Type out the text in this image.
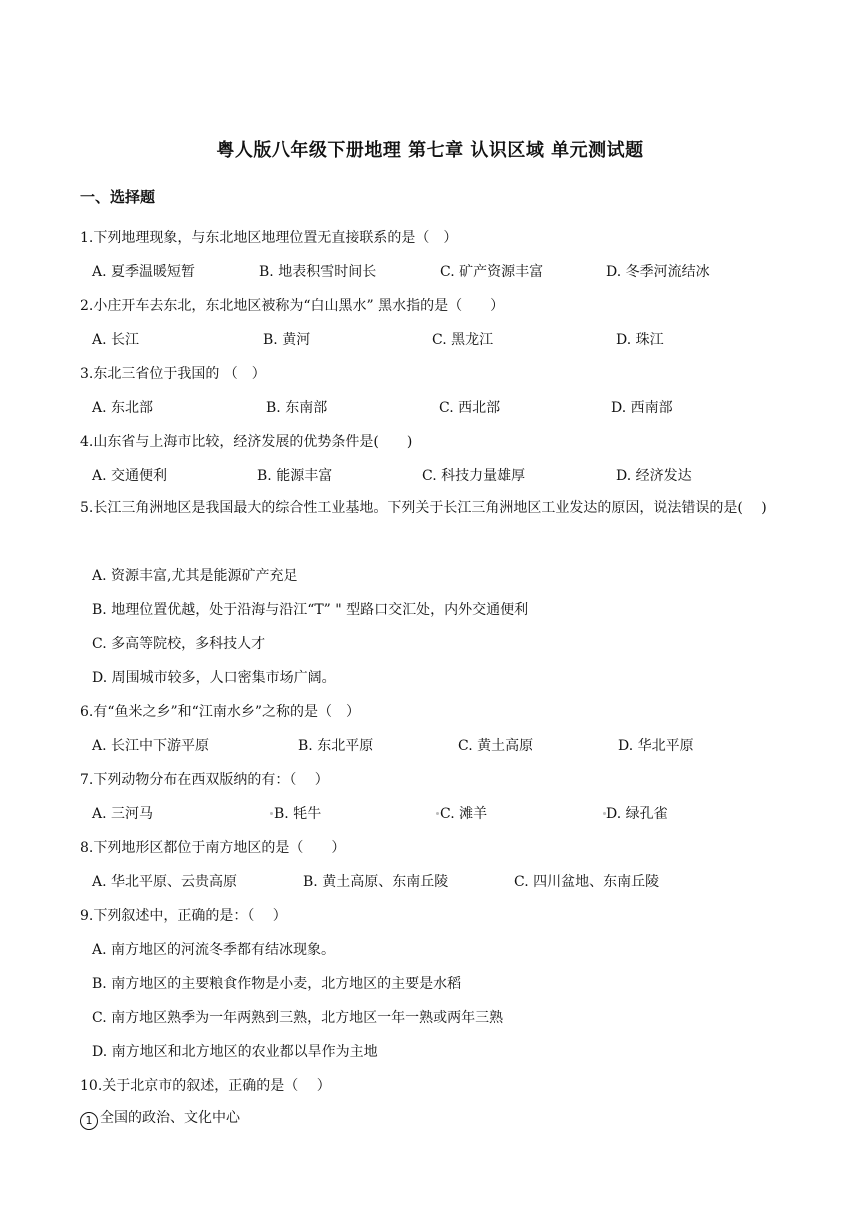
粤人版八年级下册地理 第七章 认识区域 单元测试题
一、选择题
1.下列地理现象，与东北地区地理位置无直接联系的是（　）
A. 夏季温暖短暂	B. 地表积雪时间长	C. 矿产资源丰富	D. 冬季河流结冰
2.小庄开车去东北，东北地区被称为“白山黑水” 黑水指的是（　　）
A. 长江	B. 黄河	C. 黑龙江	D. 珠江
3.东北三省位于我国的 （　）
A. 东北部	B. 东南部	C. 西北部	D. 西南部
4.山东省与上海市比较，经济发展的优势条件是(　　)
A. 交通便利	B. 能源丰富	C. 科技力量雄厚	D. 经济发达
5.长江三角洲地区是我国最大的综合性工业基地。下列关于长江三角洲地区工业发达的原因，说法错误的是(　 )
A. 资源丰富,尤其是能源矿产充足
B. 地理位置优越，处于沿海与沿江“T” " 型路口交汇处，内外交通便利
C. 多高等院校，多科技人才
D. 周围城市较多，人口密集市场广阔。
6.有“鱼米之乡”和“江南水乡”之称的是（　）
A. 长江中下游平原	B. 东北平原	C. 黄土高原	D. 华北平原
7.下列动物分布在西双版纳的有：（　 ）
A. 三河马	B. 牦牛	C. 滩羊	D. 绿孔雀
8.下列地形区都位于南方地区的是（　　）
A. 华北平原、云贵高原	B. 黄土高原、东南丘陵	C. 四川盆地、东南丘陵
9.下列叙述中，正确的是：（　 ）
A. 南方地区的河流冬季都有结冰现象。
B. 南方地区的主要粮食作物是小麦，北方地区的主要是水稻
C. 南方地区熟季为一年两熟到三熟，北方地区一年一熟或两年三熟
D. 南方地区和北方地区的农业都以旱作为主地
10.关于北京市的叙述，正确的是（　 ）
1 全国的政治、文化中心
